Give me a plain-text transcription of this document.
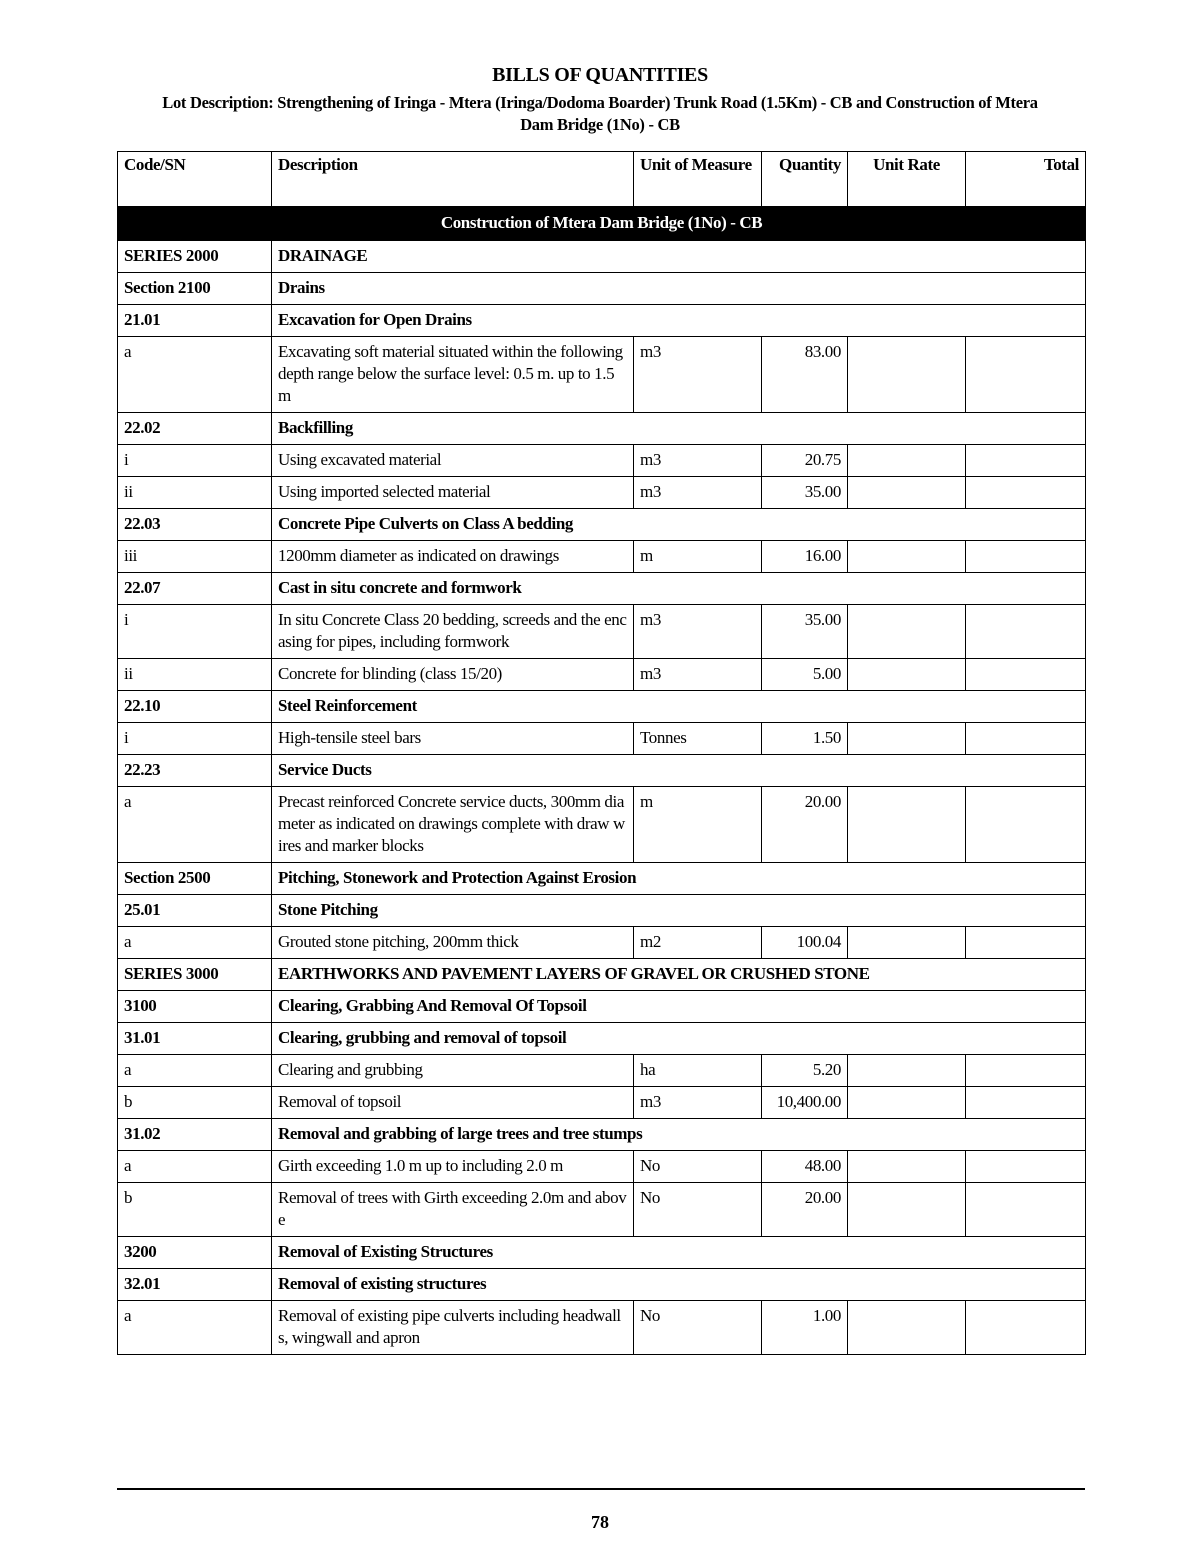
BILLS OF QUANTITIES
Lot Description: Strengthening of Iringa - Mtera (Iringa/Dodoma Boarder) Trunk Road (1.5Km) - CB and Construction of Mtera Dam Bridge (1No) - CB
Code/SN	Description	Unit of Measure	Quantity	Unit Rate	Total
Construction of Mtera Dam Bridge (1No) - CB					
SERIES 2000	DRAINAGE				
Section 2100	Drains				
21.01	Excavation for Open Drains				
a	Excavating soft material situated within the following depth range below the surface level: 0.5 m. up to 1.5 m	m3	83.00		
22.02	Backfilling				
i	Using excavated material	m3	20.75		
ii	Using imported selected material	m3	35.00		
22.03	Concrete Pipe Culverts on Class A bedding				
iii	1200mm diameter as indicated on drawings	m	16.00		
22.07	Cast in situ concrete and formwork				
i	In situ Concrete Class 20 bedding, screeds and the encasing for pipes, including formwork	m3	35.00		
ii	Concrete for blinding (class 15/20)	m3	5.00		
22.10	Steel Reinforcement				
i	High-tensile steel bars	Tonnes	1.50		
22.23	Service Ducts				
a	Precast reinforced Concrete service ducts, 300mm diameter as indicated on drawings complete with draw wires and marker blocks	m	20.00		
Section 2500	Pitching, Stonework and Protection Against Erosion				
25.01	Stone Pitching				
a	Grouted stone pitching, 200mm thick	m2	100.04		
SERIES 3000	EARTHWORKS AND PAVEMENT LAYERS OF GRAVEL OR CRUSHED STONE				
3100	Clearing, Grabbing And Removal Of Topsoil				
31.01	Clearing, grubbing and removal of topsoil				
a	Clearing and grubbing	ha	5.20		
b	Removal of topsoil	m3	10,400.00		
31.02	Removal and grabbing of large trees and tree stumps				
a	Girth exceeding 1.0 m up to including 2.0 m	No	48.00		
b	Removal of trees with Girth exceeding 2.0m and above	No	20.00		
3200	Removal of Existing Structures				
32.01	Removal of existing structures				
a	Removal of existing pipe culverts including headwalls, wingwall and apron	No	1.00		
78
